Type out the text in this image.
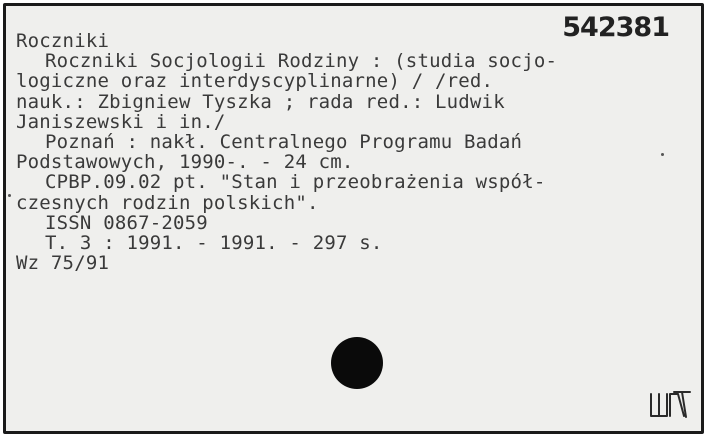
542381
Roczniki
Roczniki Socjologii Rodziny : (studia socjo-
logiczne oraz interdyscyplinarne) / /red.
nauk.: Zbigniew Tyszka ; rada red.: Ludwik
Janiszewski i in./
Poznań : nakł. Centralnego Programu Badań
Podstawowych, 1990-. - 24 cm.
CPBP.09.02 pt. "Stan i przeobrażenia współ-
czesnych rodzin polskich".
ISSN 0867-2059
T. 3 : 1991. - 1991. - 297 s.
Wz 75/91
